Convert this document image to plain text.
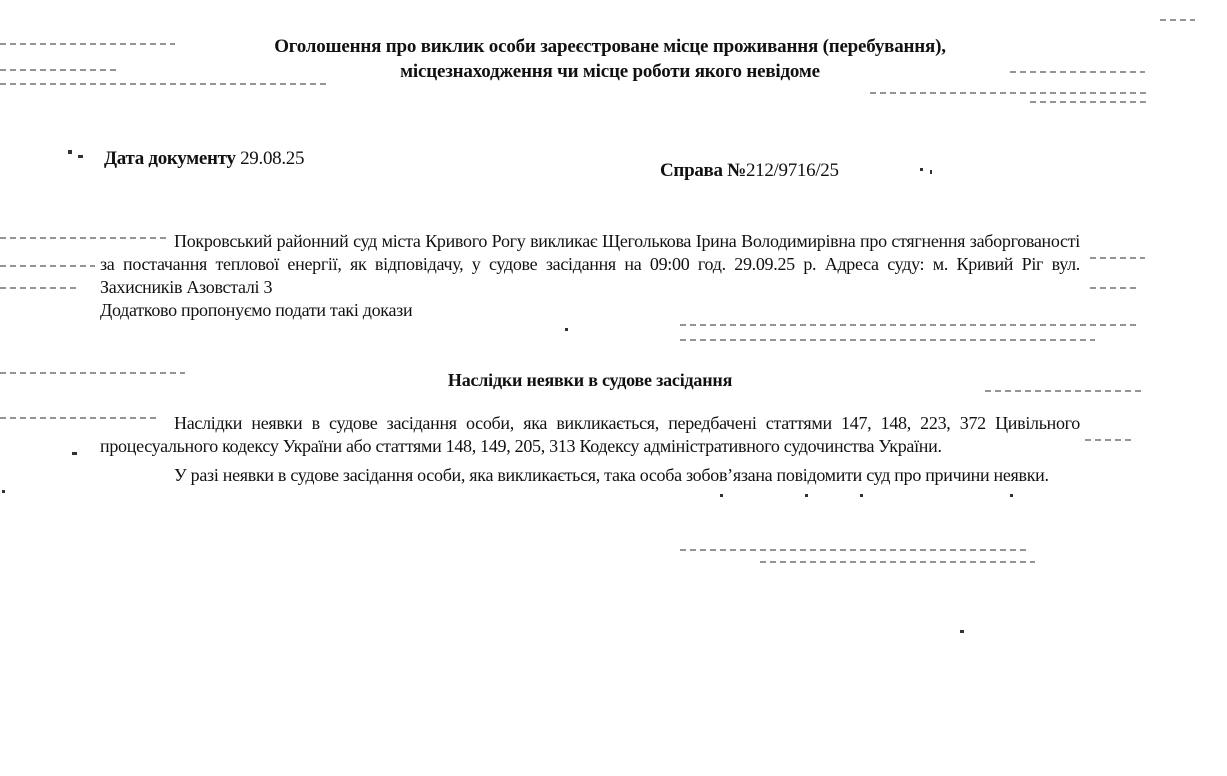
Оголошення про виклик особи зареєстроване місце проживання (перебування),
місцезнаходження чи місце роботи якого невідоме
Дата документу 29.08.25
Справа №212/9716/25

Покровський районний суд міста Кривого Рогу викликає Щеголькова Ірина Володимирівна про стягнення заборгованості за постачання теплової енергії, як відповідачу, у судове засідання на 09:00 год. 29.09.25 р. Адреса суду: м. Кривий Ріг вул. Захисників Азовсталі 3

Додатково пропонуємо подати такі докази

Наслідки неявки в судове засідання

Наслідки неявки в судове засідання особи, яка викликається, передбачені статтями 147, 148, 223, 372 Цивільного процесуального кодексу України або статтями 148, 149, 205, 313 Кодексу адміністративного судочинства України.

У разі неявки в судове засідання особи, яка викликається, така особа зобов’язана повідомити суд про причини неявки.
